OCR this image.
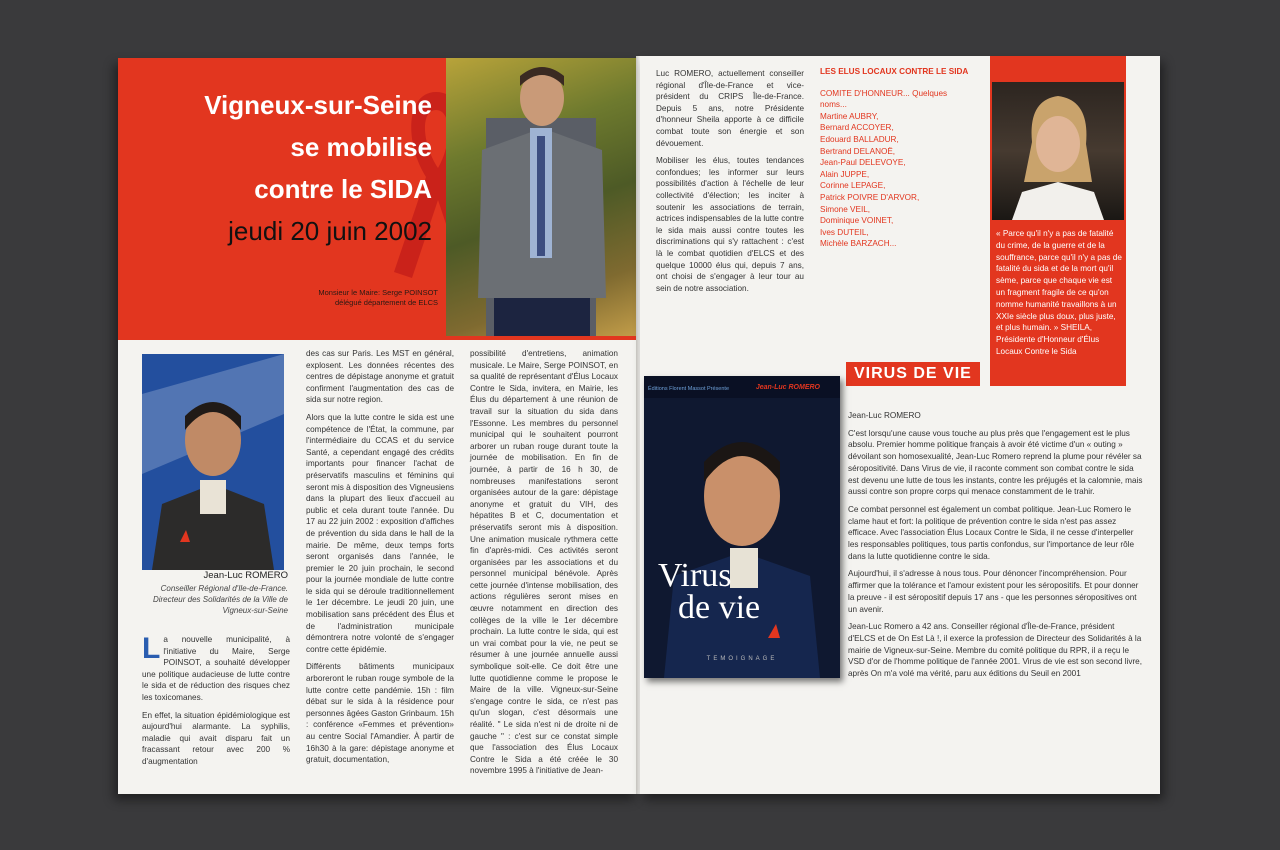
Vigneux-sur-Seine
se mobilise
contre le SIDA
jeudi 20 juin 2002
Monsieur le Maire: Serge POINSOT
délégué département de ELCS
Jean-Luc ROMERO
Conseiller Régional d'Ile-de-France.
Directeur des Solidarités de la Ville de
Vigneux-sur-Seine

La nouvelle municipalité, à l'initiative du Maire, Serge POINSOT, a souhaité développer une politique audacieuse de lutte contre le sida et de réduction des risques chez les toxicomanes.

En effet, la situation épidémiologique est aujourd'hui alarmante. La syphilis, maladie qui avait disparu fait un fracassant retour avec 200 % d'augmentation

des cas sur Paris. Les MST en général, explosent. Les données récentes des centres de dépistage anonyme et gratuit confirment l'augmentation des cas de sida sur notre region.

Alors que la lutte contre le sida est une compétence de l'État, la commune, par l'intermédiaire du CCAS et du service Santé, a cependant engagé des crédits importants pour financer l'achat de préservatifs masculins et féminins qui seront mis à disposition des Vigneusiens dans la plupart des lieux d'accueil au public et cela durant toute l'année. Du 17 au 22 juin 2002 : exposition d'affiches de prévention du sida dans le hall de la mairie. De même, deux temps forts seront organisés dans l'année, le premier le 20 juin prochain, le second pour la journée mondiale de lutte contre le sida qui se déroule traditionnellement le 1er décembre. Le jeudi 20 juin, une mobilisation sans précédent des Élus et de l'administration municipale démontrera notre volonté de s'engager contre cette épidémie.

Différents bâtiments municipaux arboreront le ruban rouge symbole de la lutte contre cette pandémie. 15h : film débat sur le sida à la résidence pour personnes âgées Gaston Grinbaum. 15h : conférence «Femmes et prévention» au centre Social l'Amandier. À partir de 16h30 à la gare: dépistage anonyme et gratuit, documentation,

possibilité d'entretiens, animation musicale. Le Maire, Serge POINSOT, en sa qualité de représentant d'Élus Locaux Contre le Sida, invitera, en Mairie, les Élus du département à une réunion de travail sur la situation du sida dans l'Essonne. Les membres du personnel municipal qui le souhaitent pourront arborer un ruban rouge durant toute la journée de mobilisation. En fin de journée, à partir de 16 h 30, de nombreuses manifestations seront organisées autour de la gare: dépistage anonyme et gratuit du VIH, des hépatites B et C, documentation et préservatifs seront mis à disposition. Une animation musicale rythmera cette fin d'après-midi. Ces activités seront organisées par les associations et du personnel municipal bénévole. Après cette journée d'intense mobilisation, des actions régulières seront mises en œuvre notamment en direction des collèges de la ville le 1er décembre prochain. La lutte contre le sida, qui est un vrai combat pour la vie, ne peut se résumer à une journée annuelle aussi symbolique soit-elle. Ce doit être une lutte quotidienne comme le propose le Maire de la ville. Vigneux-sur-Seine s'engage contre le sida, ce n'est pas qu'un slogan, c'est désormais une réalité. " Le sida n'est ni de droite ni de gauche " : c'est sur ce constat simple que l'association des Élus Locaux Contre le Sida a été créée le 30 novembre 1995 à l'initiative de Jean-

Luc ROMERO, actuellement conseiller régional d'Île-de-France et vice-président du CRIPS Île-de-France. Depuis 5 ans, notre Présidente d'honneur Sheila apporte à ce difficile combat toute son énergie et son dévouement.

Mobiliser les élus, toutes tendances confondues; les informer sur leurs possibilités d'action à l'échelle de leur collectivité d'élection; les inciter à soutenir les associations de terrain, actrices indispensables de la lutte contre le sida mais aussi contre toutes les discriminations qui s'y rattachent : c'est là le combat quotidien d'ELCS et des quelque 10000 élus qui, depuis 7 ans, ont choisi de s'engager à leur tour au sein de notre association.

LES ELUS LOCAUX CONTRE LE SIDA
COMITE D'HONNEUR... Quelques noms...
Martine AUBRY,
Bernard ACCOYER,
Edouard BALLADUR,
Bertrand DELANOË,
Jean-Paul DELEVOYE,
Alain JUPPE,
Corinne LEPAGE,
Patrick POIVRE D'ARVOR,
Simone VEIL,
Dominique VOINET,
Ives DUTEIL,
Michèle BARZACH...
« Parce qu'il n'y a pas de fatalité du crime, de la guerre et de la souffrance, parce qu'il n'y a pas de fatalité du sida et de la mort qu'il sème, parce que chaque vie est un fragment fragile de ce qu'on nomme humanité travaillons à un XXIe siècle plus doux, plus juste, et plus humain. » SHEILA,
Présidente d'Honneur d'Élus Locaux Contre le Sida
VIRUS DE VIE
Éditions Florent Massot Présente	Jean-Luc ROMERO
Virus
de vie
TEMOIGNAGE

Jean-Luc ROMERO

C'est lorsqu'une cause vous touche au plus près que l'engagement est le plus absolu. Premier homme politique français à avoir été victime d'un « outing » dévoilant son homosexualité, Jean-Luc Romero reprend la plume pour révéler sa séropositivité. Dans Virus de vie, il raconte comment son combat contre le sida est devenu une lutte de tous les instants, contre les préjugés et la calomnie, mais aussi contre son propre corps qui menace constamment de le trahir.

Ce combat personnel est également un combat politique. Jean-Luc Romero le clame haut et fort: la politique de prévention contre le sida n'est pas assez efficace. Avec l'association Élus Locaux Contre le Sida, il ne cesse d'interpeller les responsables politiques, tous partis confondus, sur l'importance de leur rôle dans la lutte quotidienne contre le sida.

Aujourd'hui, il s'adresse à nous tous. Pour dénoncer l'incompréhension. Pour affirmer que la tolérance et l'amour existent pour les séropositifs. Et pour donner la preuve - il est séropositif depuis 17 ans - que les personnes séropositives ont un avenir.

Jean-Luc Romero a 42 ans. Conseiller régional d'Île-de-France, président d'ELCS et de On Est Là !, il exerce la profession de Directeur des Solidarités à la mairie de Vigneux-sur-Seine. Membre du comité politique du RPR, il a reçu le VSD d'or de l'homme politique de l'année 2001. Virus de vie est son second livre, après On m'a volé ma vérité, paru aux éditions du Seuil en 2001
